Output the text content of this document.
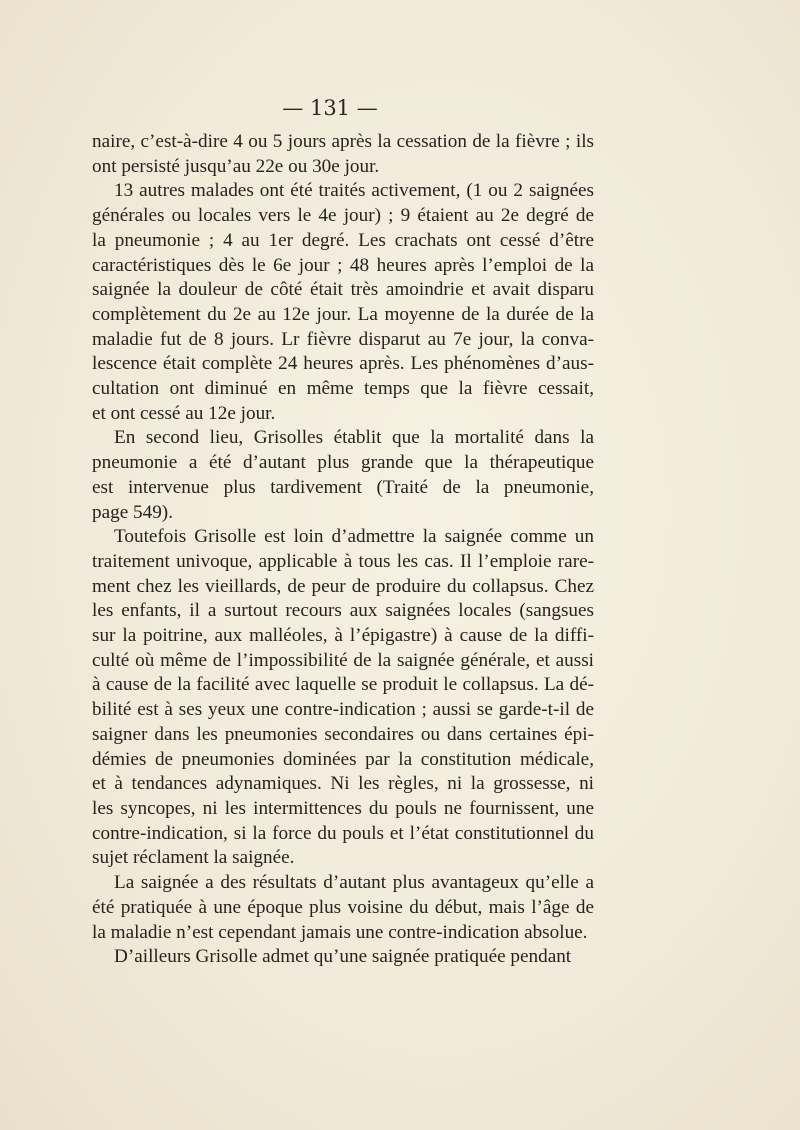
— 131 —
naire, c’est-à-dire 4 ou 5 jours après la cessation de la fièvre ; ils
ont persisté jusqu’au 22e ou 30e jour.
13 autres malades ont été traités activement, (1 ou 2 saignées
générales ou locales vers le 4e jour) ; 9 étaient au 2e degré de
la pneumonie ; 4 au 1er degré. Les crachats ont cessé d’être
caractéristiques dès le 6e jour ; 48 heures après l’emploi de la
saignée la douleur de côté était très amoindrie et avait disparu
complètement du 2e au 12e jour. La moyenne de la durée de la
maladie fut de 8 jours. Lr fièvre disparut au 7e jour, la conva-
lescence était complète 24 heures après. Les phénomènes d’aus-
cultation ont diminué en même temps que la fièvre cessait,
et ont cessé au 12e jour.
En second lieu, Grisolles établit que la mortalité dans la
pneumonie a été d’autant plus grande que la thérapeutique
est intervenue plus tardivement (Traité de la pneumonie,
page 549).
Toutefois Grisolle est loin d’admettre la saignée comme un
traitement univoque, applicable à tous les cas. Il l’emploie rare-
ment chez les vieillards, de peur de produire du collapsus. Chez
les enfants, il a surtout recours aux saignées locales (sangsues
sur la poitrine, aux malléoles, à l’épigastre) à cause de la diffi-
culté où même de l’impossibilité de la saignée générale, et aussi
à cause de la facilité avec laquelle se produit le collapsus. La dé-
bilité est à ses yeux une contre-indication ; aussi se garde-t-il de
saigner dans les pneumonies secondaires ou dans certaines épi-
démies de pneumonies dominées par la constitution médicale,
et à tendances adynamiques. Ni les règles, ni la grossesse, ni
les syncopes, ni les intermittences du pouls ne fournissent, une
contre-indication, si la force du pouls et l’état constitutionnel du
sujet réclament la saignée.
La saignée a des résultats d’autant plus avantageux qu’elle a
été pratiquée à une époque plus voisine du début, mais l’âge de
la maladie n’est cependant jamais une contre-indication absolue.
D’ailleurs Grisolle admet qu’une saignée pratiquée pendant
